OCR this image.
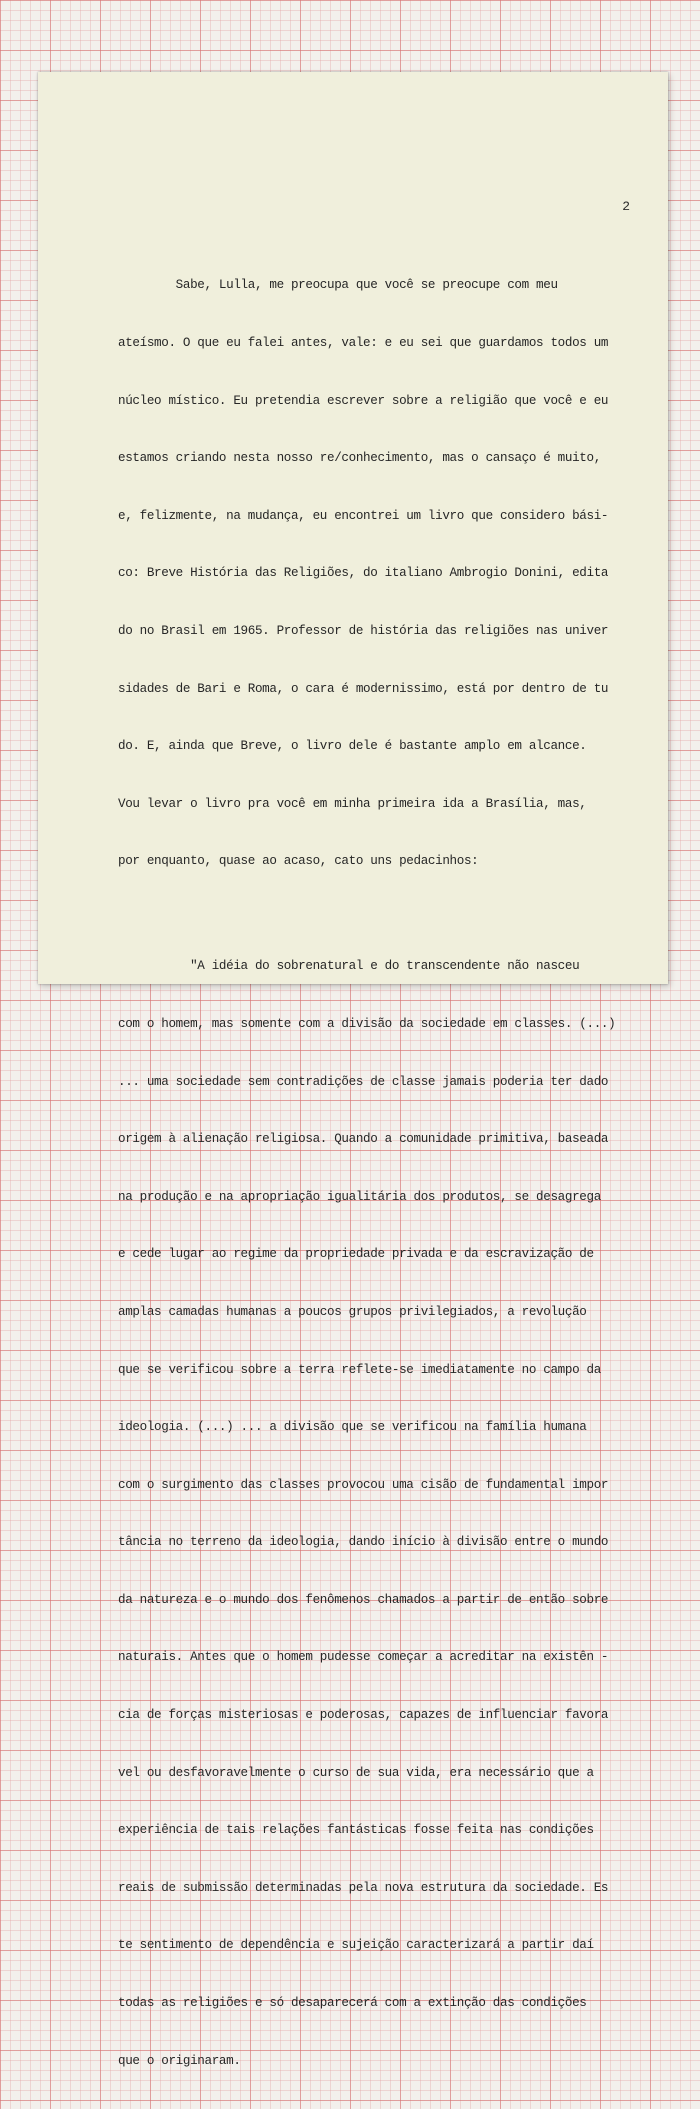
2

Sabe, Lulla, me preocupa que você se preocupe com meu

ateísmo. O que eu falei antes, vale: e eu sei que guardamos todos um

núcleo místico. Eu pretendia escrever sobre a religião que você e eu

estamos criando nesta nosso re/conhecimento, mas o cansaço é muito,

e, felizmente, na mudança, eu encontrei um livro que considero bási-

co: Breve História das Religiões, do italiano Ambrogio Donini, edita

do no Brasil em 1965. Professor de história das religiões nas univer

sidades de Bari e Roma, o cara é modernissimo, está por dentro de tu

do. E, ainda que Breve, o livro dele é bastante amplo em alcance.

Vou levar o livro pra você em minha primeira ida a Brasília, mas,

por enquanto, quase ao acaso, cato uns pedacinhos:

"A idéia do sobrenatural e do transcendente não nasceu

com o homem, mas somente com a divisão da sociedade em classes. (...)

... uma sociedade sem contradições de classe jamais poderia ter dado

origem à alienação religiosa. Quando a comunidade primitiva, baseada

na produção e na apropriação igualitária dos produtos, se desagrega

e cede lugar ao regime da propriedade privada e da escravização de

amplas camadas humanas a poucos grupos privilegiados, a revolução

que se verificou sobre a terra reflete-se imediatamente no campo da

ideologia. (...) ... a divisão que se verificou na família humana

com o surgimento das classes provocou uma cisão de fundamental impor

tância no terreno da ideologia, dando início à divisão entre o mundo

da natureza e o mundo dos fenômenos chamados a partir de então sobre

naturais. Antes que o homem pudesse começar a acreditar na existên -

cia de forças misteriosas e poderosas, capazes de influenciar favora

vel ou desfavoravelmente o curso de sua vida, era necessário que a

experiência de tais relações fantásticas fosse feita nas condições

reais de submissão determinadas pela nova estrutura da sociedade. Es

te sentimento de dependência e sujeição caracterizará a partir daí

todas as religiões e só desaparecerá com a extinção das condições

que o originaram.
